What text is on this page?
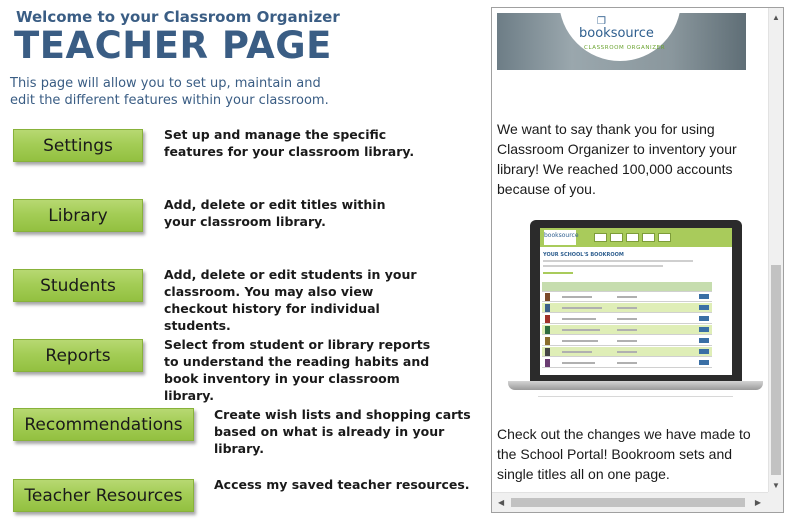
Welcome to your Classroom Organizer
TEACHER PAGE
This page will allow you to set up, maintain and edit the different features within your classroom.
Settings
Set up and manage the specific features for your classroom library.
Library
Add, delete or edit titles within your classroom library.
Students
Add, delete or edit students in your classroom. You may also view checkout history for individual students.
Reports
Select from student or library reports to understand the reading habits and book inventory in your classroom library.
Recommendations	Create wish lists and shopping carts based on what is already in your library.
Teacher Resources
Access my saved teacher resources.
❐
booksource
CLASSROOM ORGANIZER
We want to say thank you for using Classroom Organizer to inventory your library! We reached 100,000 accounts because of you.
booksource
YOUR SCHOOL'S BOOKROOM
Check out the changes we have made to the School Portal! Bookroom sets and single titles all on one page.
▲
▼
◀	▶
